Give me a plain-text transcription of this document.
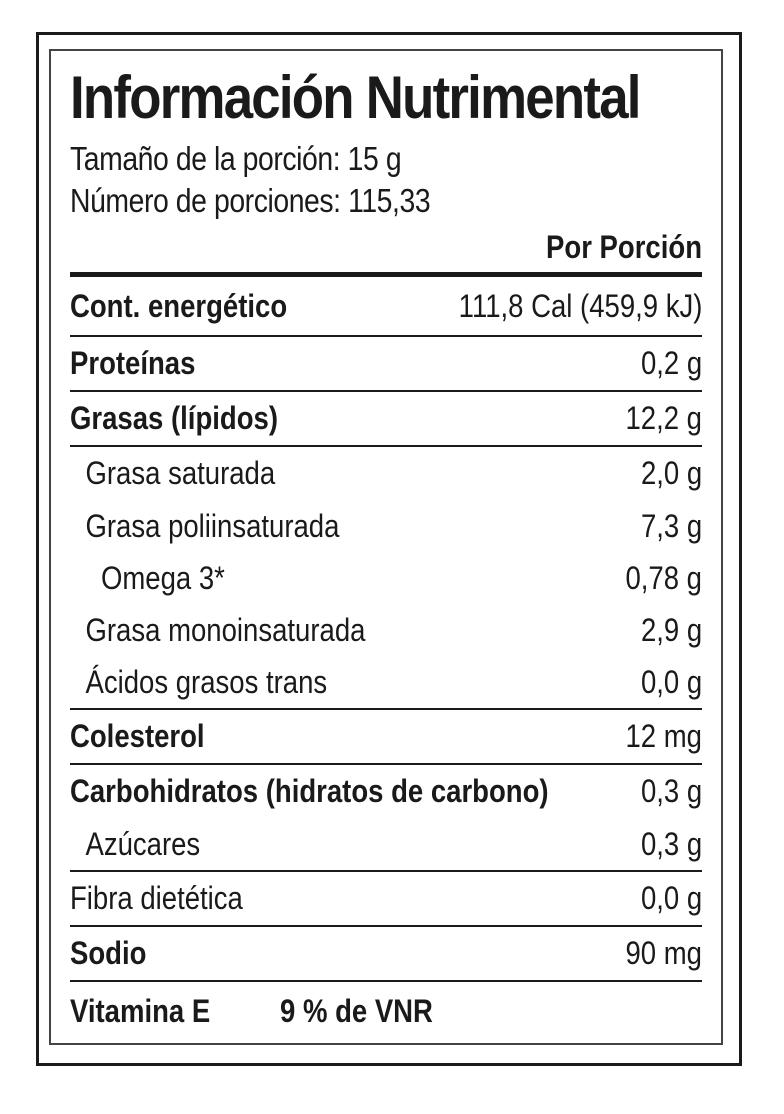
Información Nutrimental
Tamaño de la porción: 15 g
Número de porciones: 115,33
Por Porción
Cont. energético	111,8 Cal (459,9 kJ)
Proteínas	0,2 g
Grasas (lípidos)	12,2 g
Grasa saturada	2,0 g
Grasa poliinsaturada	7,3 g
Omega 3*	0,78 g
Grasa monoinsaturada	2,9 g
Ácidos grasos trans	0,0 g
Colesterol	12 mg
Carbohidratos (hidratos de carbono)	0,3 g
Azúcares	0,3 g
Fibra dietética	0,0 g
Sodio	90 mg
Vitamina E	9 % de VNR
